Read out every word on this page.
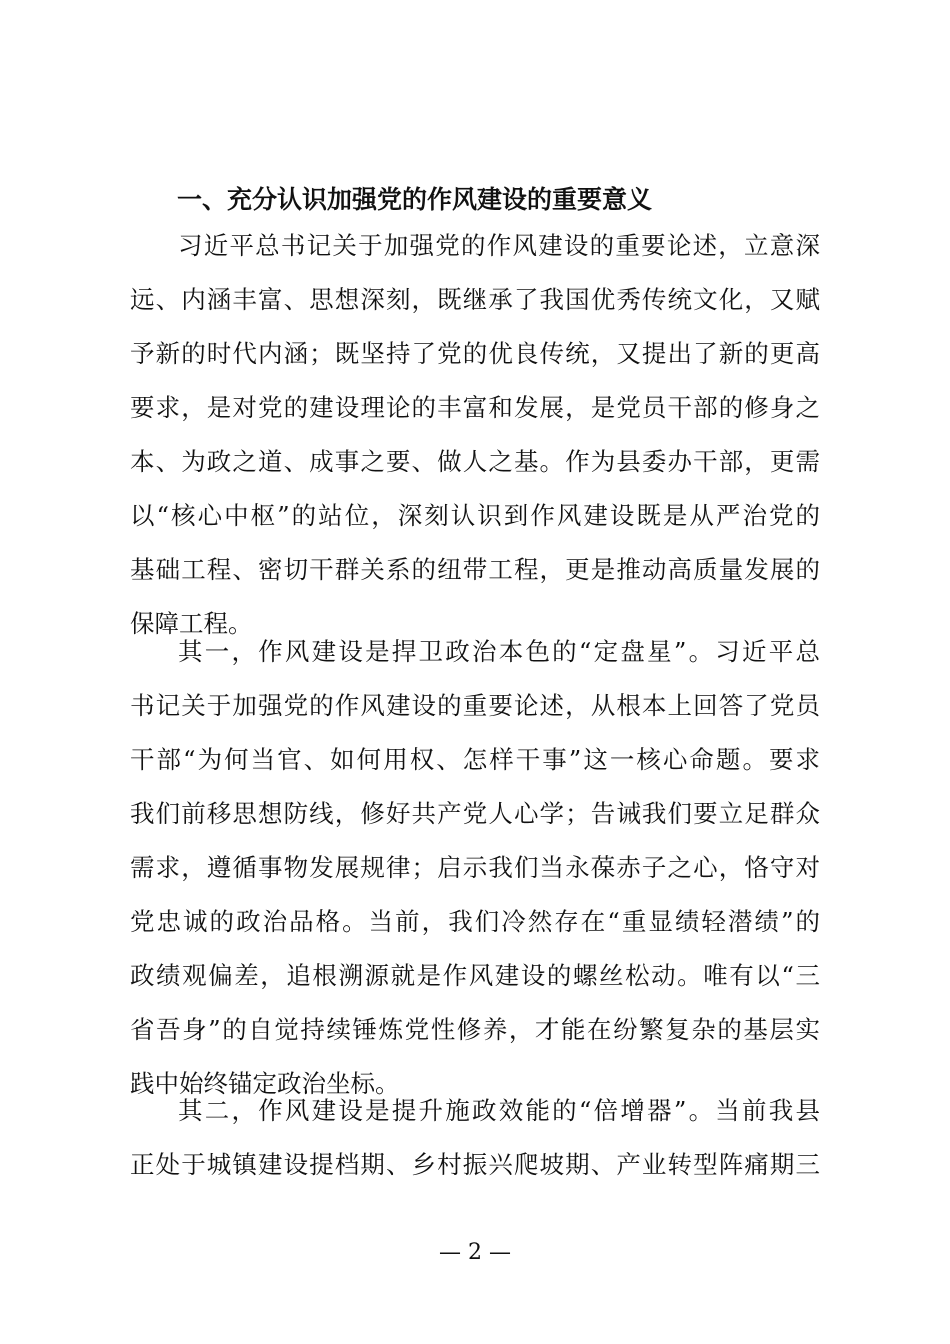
一、充分认识加强党的作风建设的重要意义
习近平总书记关于加强党的作风建设的重要论述，立意深
远、内涵丰富、思想深刻，既继承了我国优秀传统文化，又赋
予新的时代内涵；既坚持了党的优良传统，又提出了新的更高
要求，是对党的建设理论的丰富和发展，是党员干部的修身之
本、为政之道、成事之要、做人之基。作为县委办干部，更需
以“核心中枢”的站位，深刻认识到作风建设既是从严治党的
基础工程、密切干群关系的纽带工程，更是推动高质量发展的
保障工程。
其一，作风建设是捍卫政治本色的“定盘星”。习近平总
书记关于加强党的作风建设的重要论述，从根本上回答了党员
干部“为何当官、如何用权、怎样干事”这一核心命题。要求
我们前移思想防线，修好共产党人心学；告诫我们要立足群众
需求，遵循事物发展规律；启示我们当永葆赤子之心，恪守对
党忠诚的政治品格。当前，我们冷然存在“重显绩轻潜绩”的
政绩观偏差，追根溯源就是作风建设的螺丝松动。唯有以“三
省吾身”的自觉持续锤炼党性修养，才能在纷繁复杂的基层实
践中始终锚定政治坐标。
其二，作风建设是提升施政效能的“倍增器”。当前我县
正处于城镇建设提档期、乡村振兴爬坡期、产业转型阵痛期三
— 2 —
